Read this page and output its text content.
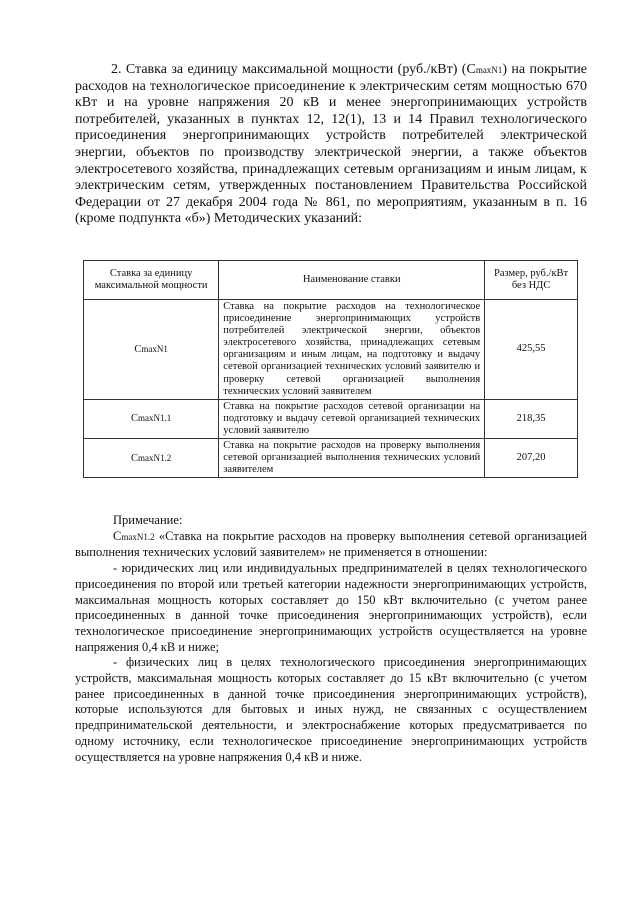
2. Ставка за единицу максимальной мощности (руб./кВт) (CmaxN1) на покрытие расходов на технологическое присоединение к электрическим сетям мощностью 670 кВт и на уровне напряжения 20 кВ и менее энергопринимающих устройств потребителей, указанных в пунктах 12, 12(1), 13 и 14 Правил технологического присоединения энергопринимающих устройств потребителей электрической энергии, объектов по производству электрической энергии, а также объектов электросетевого хозяйства, принадлежащих сетевым организациям и иным лицам, к электрическим сетям, утвержденных постановлением Правительства Российской Федерации от 27 декабря 2004 года № 861, по мероприятиям, указанным в п. 16 (кроме подпункта «б») Методических указаний:

Ставка за единицу максимальной мощности	Наименование ставки	Размер, руб./кВт без НДС
CmaxN1	Ставка на покрытие расходов на технологическое присоединение энергопринимающих устройств потребителей электрической энергии, объектов электросетевого хозяйства, принадлежащих сетевым организациям и иным лицам, на подготовку и выдачу сетевой организацией технических условий заявителю и проверку сетевой организацией выполнения технических условий заявителем	425,55
CmaxN1.1	Ставка на покрытие расходов сетевой организации на подготовку и выдачу сетевой организацией технических условий заявителю	218,35
CmaxN1.2	Ставка на покрытие расходов на проверку выполнения сетевой организацией выполнения технических условий заявителем	207,20

Примечание:

CmaxN1.2 «Ставка на покрытие расходов на проверку выполнения сетевой организацией выполнения технических условий заявителем» не применяется в отношении:

- юридических лиц или индивидуальных предпринимателей в целях технологического присоединения по второй или третьей категории надежности энергопринимающих устройств, максимальная мощность которых составляет до 150 кВт включительно (с учетом ранее присоединенных в данной точке присоединения энергопринимающих устройств), если технологическое присоединение энергопринимающих устройств осуществляется на уровне напряжения 0,4 кВ и ниже;

- физических лиц в целях технологического присоединения энергопринимающих устройств, максимальная мощность которых составляет до 15 кВт включительно (с учетом ранее присоединенных в данной точке присоединения энергопринимающих устройств), которые используются для бытовых и иных нужд, не связанных с осуществлением предпринимательской деятельности, и электроснабжение которых предусматривается по одному источнику, если технологическое присоединение энергопринимающих устройств осуществляется на уровне напряжения 0,4 кВ и ниже.
